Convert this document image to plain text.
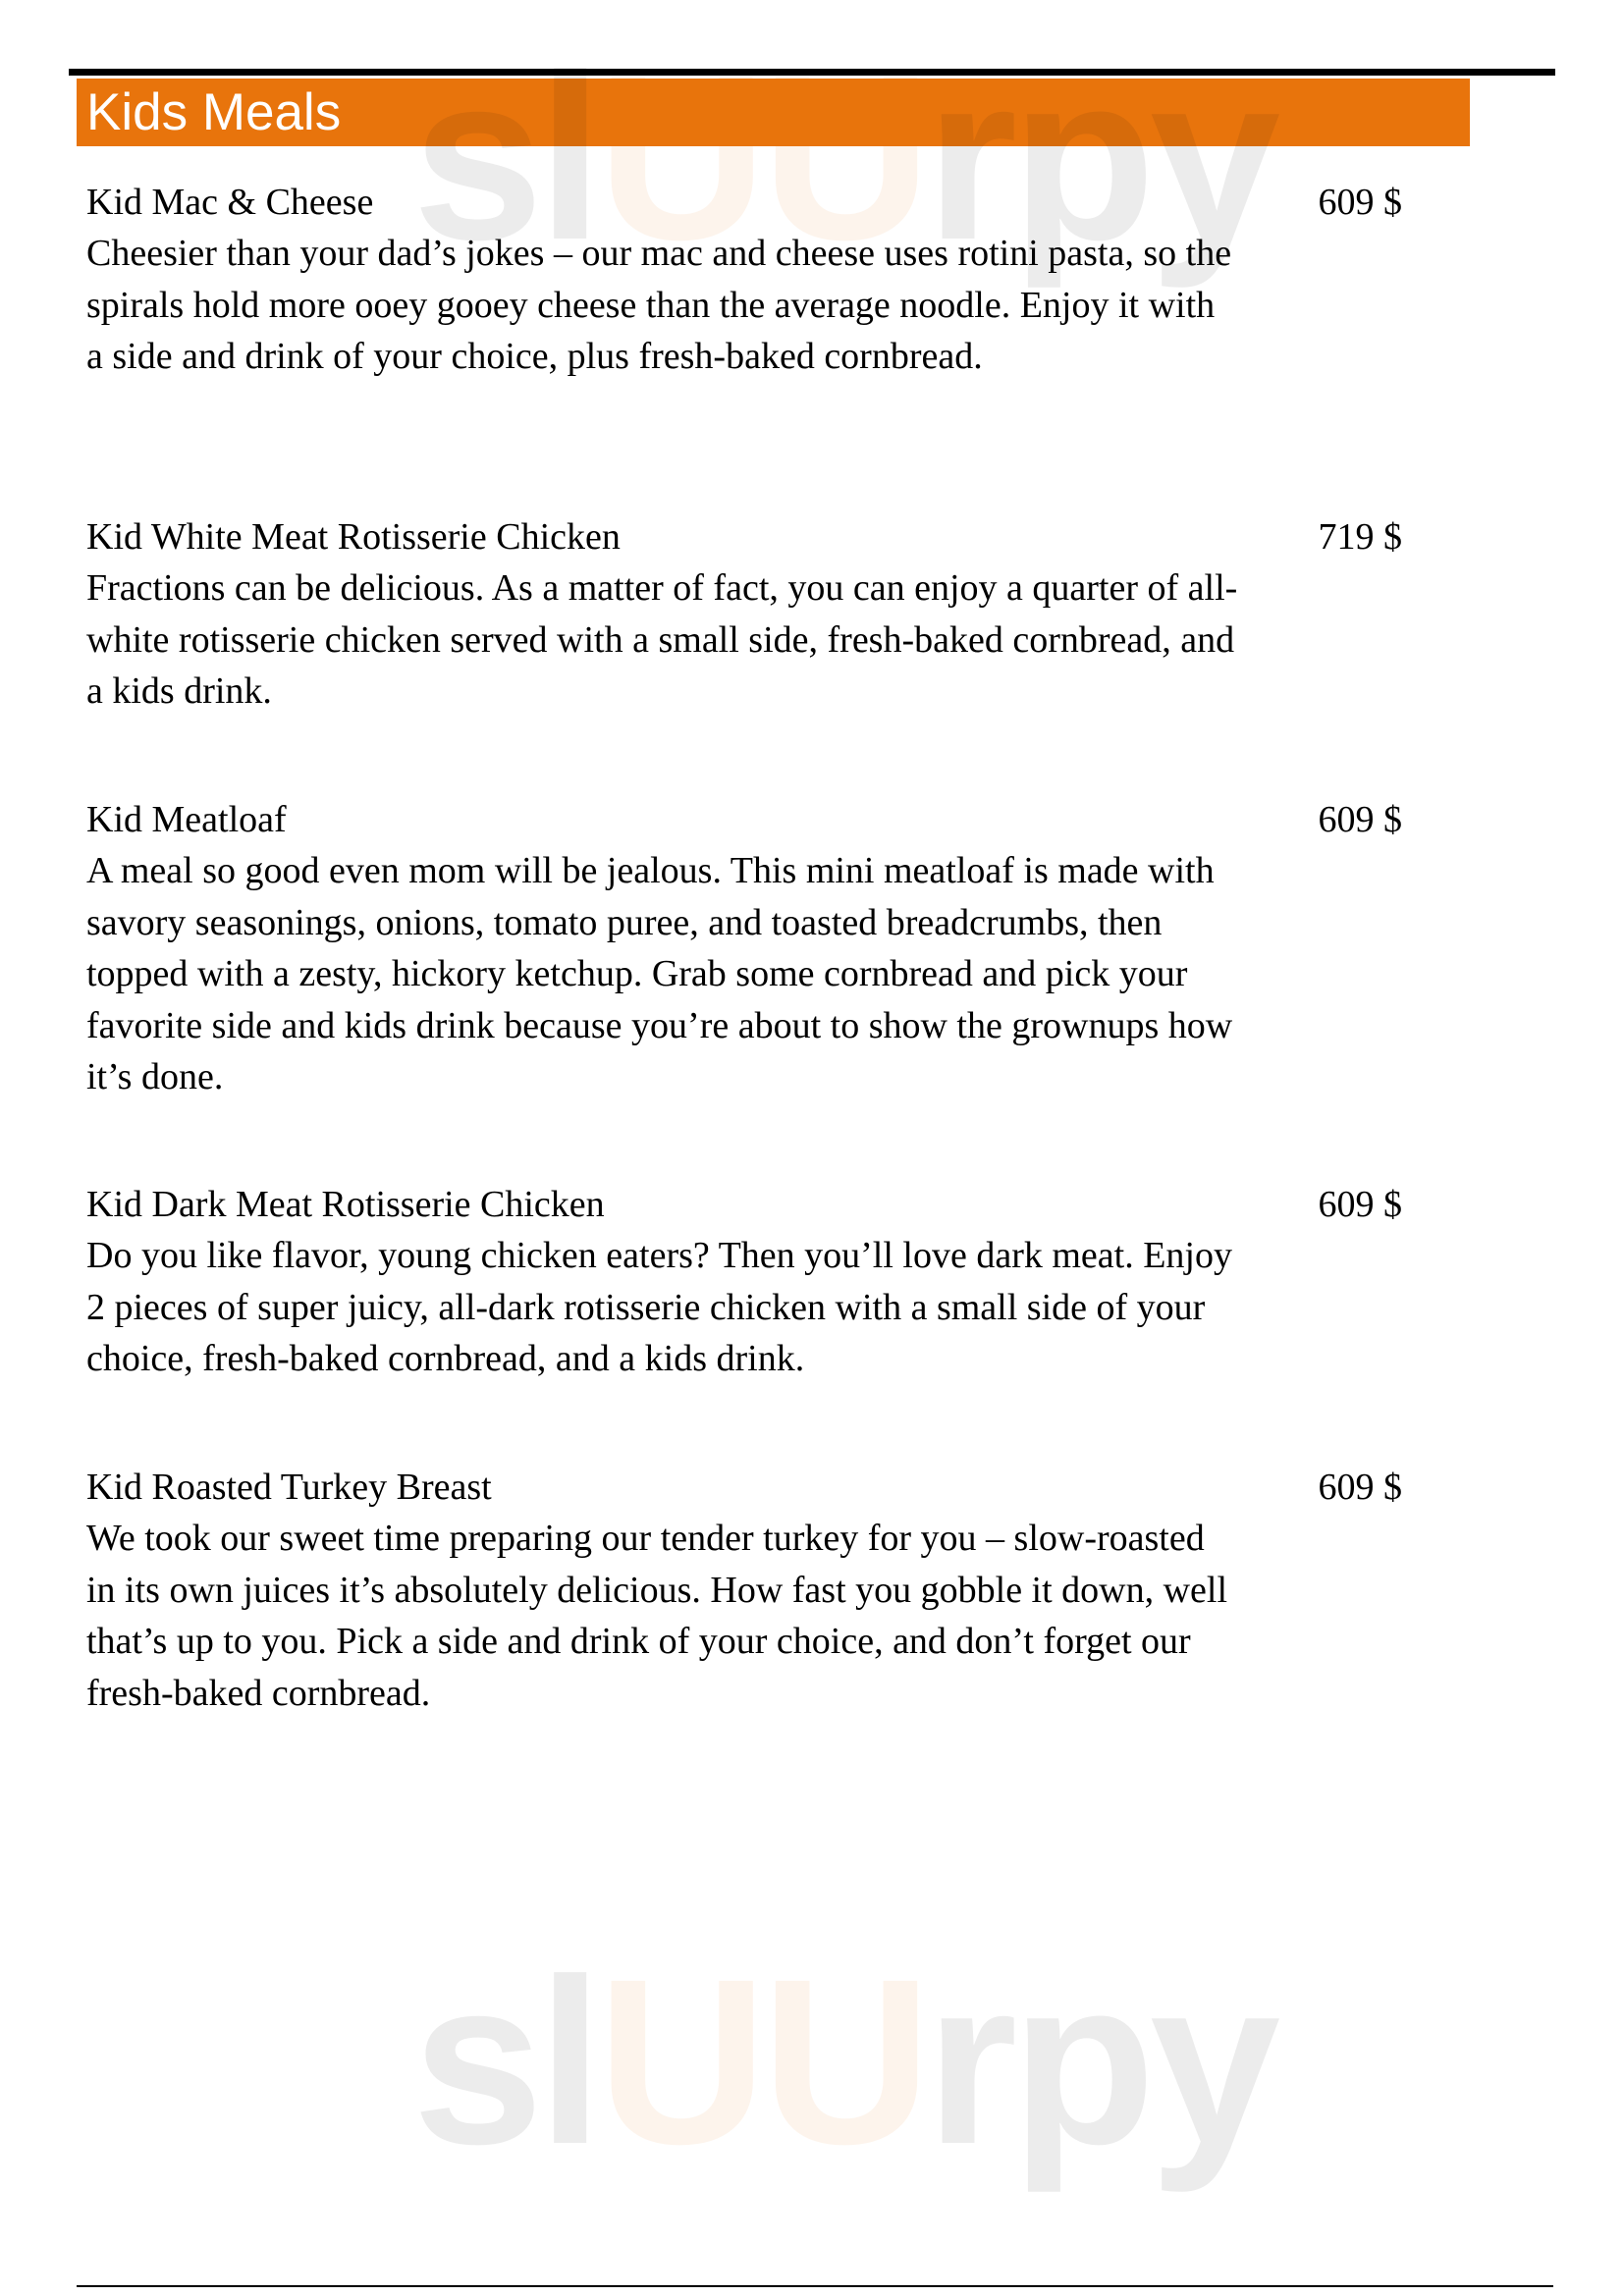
Kids Meals slUUrpy
slUUrpy
Kid Mac & Cheese
Cheesier than your dad’s jokes – our mac and cheese uses rotini pasta, so the spirals hold more ooey gooey cheese than the average noodle. Enjoy it with a side and drink of your choice, plus fresh-baked cornbread.
609 $
Kid White Meat Rotisserie Chicken
Fractions can be delicious. As a matter of fact, you can enjoy a quarter of all-white rotisserie chicken served with a small side, fresh-baked cornbread, and a kids drink.
719 $
Kid Meatloaf
A meal so good even mom will be jealous. This mini meatloaf is made with savory seasonings, onions, tomato puree, and toasted breadcrumbs, then topped with a zesty, hickory ketchup. Grab some cornbread and pick your favorite side and kids drink because you’re about to show the grownups how it’s done.
609 $
Kid Dark Meat Rotisserie Chicken
Do you like flavor, young chicken eaters? Then you’ll love dark meat. Enjoy 2 pieces of super juicy, all-dark rotisserie chicken with a small side of your choice, fresh-baked cornbread, and a kids drink.
609 $
Kid Roasted Turkey Breast
We took our sweet time preparing our tender turkey for you – slow-roasted in its own juices it’s absolutely delicious. How fast you gobble it down, well that’s up to you. Pick a side and drink of your choice, and don’t forget our fresh-baked cornbread.
609 $
